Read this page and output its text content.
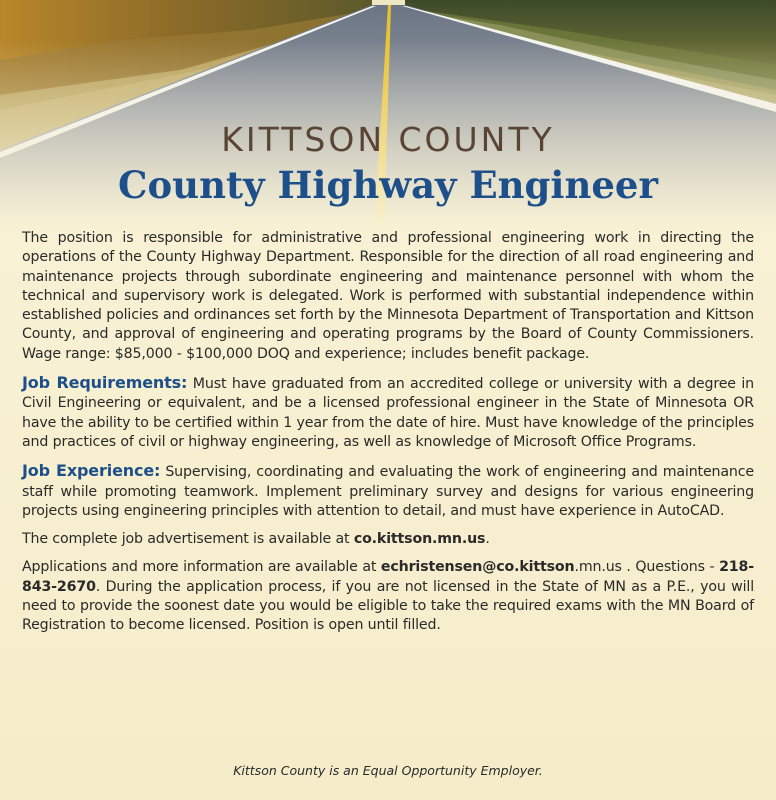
KITTSON COUNTY
County Highway Engineer

The position is responsible for administrative and professional engineering work in directing the operations of the County Highway Department. Responsible for the direction of all road engineering and maintenance projects through subordinate engineering and maintenance personnel with whom the technical and supervisory work is delegated. Work is performed with substantial independence within established policies and ordinances set forth by the Minnesota Department of Transportation and Kittson County, and approval of engineering and operating programs by the Board of County Commissioners. Wage range: $85,000 - $100,000 DOQ and experience; includes benefit package.

Job Requirements: Must have graduated from an accredited college or university with a degree in Civil Engineering or equivalent, and be a licensed professional engineer in the State of Minnesota OR have the ability to be certified within 1 year from the date of hire. Must have knowledge of the principles and practices of civil or highway engineering, as well as knowledge of Microsoft Office Programs.

Job Experience: Supervising, coordinating and evaluating the work of engineering and maintenance staff while promoting teamwork. Implement preliminary survey and designs for various engineering projects using engineering principles with attention to detail, and must have experience in AutoCAD.

The complete job advertisement is available at co.kittson.mn.us.

Applications and more information are available at echristensen@co.kittson.mn.us . Questions - 218-843-2670. During the application process, if you are not licensed in the State of MN as a P.E., you will need to provide the soonest date you would be eligible to take the required exams with the MN Board of Registration to become licensed. Position is open until filled.

Kittson County is an Equal Opportunity Employer.
